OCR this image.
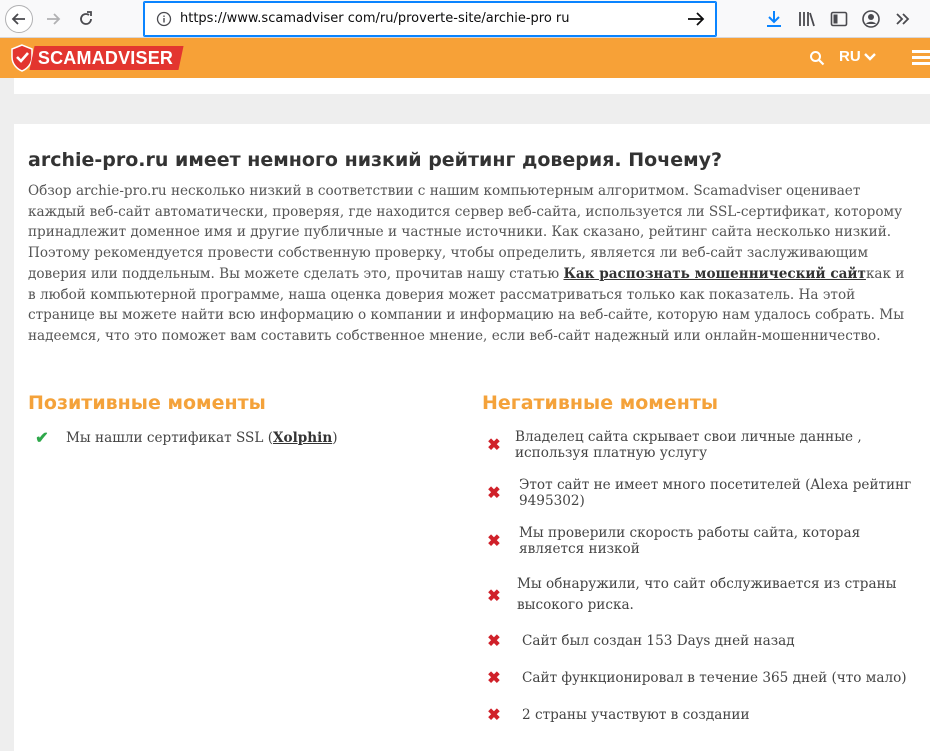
https://www.scamadviser com/ru/proverte-site/archie-pro ru
SCAMADVISER	RU
archie-pro.ru имеет немного низкий рейтинг доверия. Почему?

Обзор archie-pro.ru несколько низкий в соответствии с нашим компьютерным алгоритмом. Scamadviser оценивает каждый веб-сайт автоматически, проверяя, где находится сервер веб-сайта, используется ли SSL-сертификат, которому принадлежит доменное имя и другие публичные и частные источники. Как сказано, рейтинг сайта несколько низкий. Поэтому рекомендуется провести собственную проверку, чтобы определить, является ли веб-сайт заслуживающим доверия или поддельным. Вы можете сделать это, прочитав нашу статью Как распознать мошеннический сайткак и в любой компьютерной программе, наша оценка доверия может рассматриваться только как показатель. На этой странице вы можете найти всю информацию о компании и информацию на веб-сайте, которую нам удалось собрать. Мы надеемся, что это поможет вам составить собственное мнение, если веб-сайт надежный или онлайн-мошенничество.

Позитивные моменты	Негативные моменты
✔ Мы нашли сертификат SSL (Xolphin)	✖ Владелец сайта скрывает свои личные данные , используя платную услугу
✖ Этот сайт не имеет много посетителей (Alexa рейтинг 9495302)
✖ Мы проверили скорость работы сайта, которая является низкой
✖
Мы обнаружили, что сайт обслуживается из страны высокого риска.
✖ Сайт был создан 153 Days дней назад
✖ Сайт функционировал в течение 365 дней (что мало)
✖ 2 страны участвуют в создании
